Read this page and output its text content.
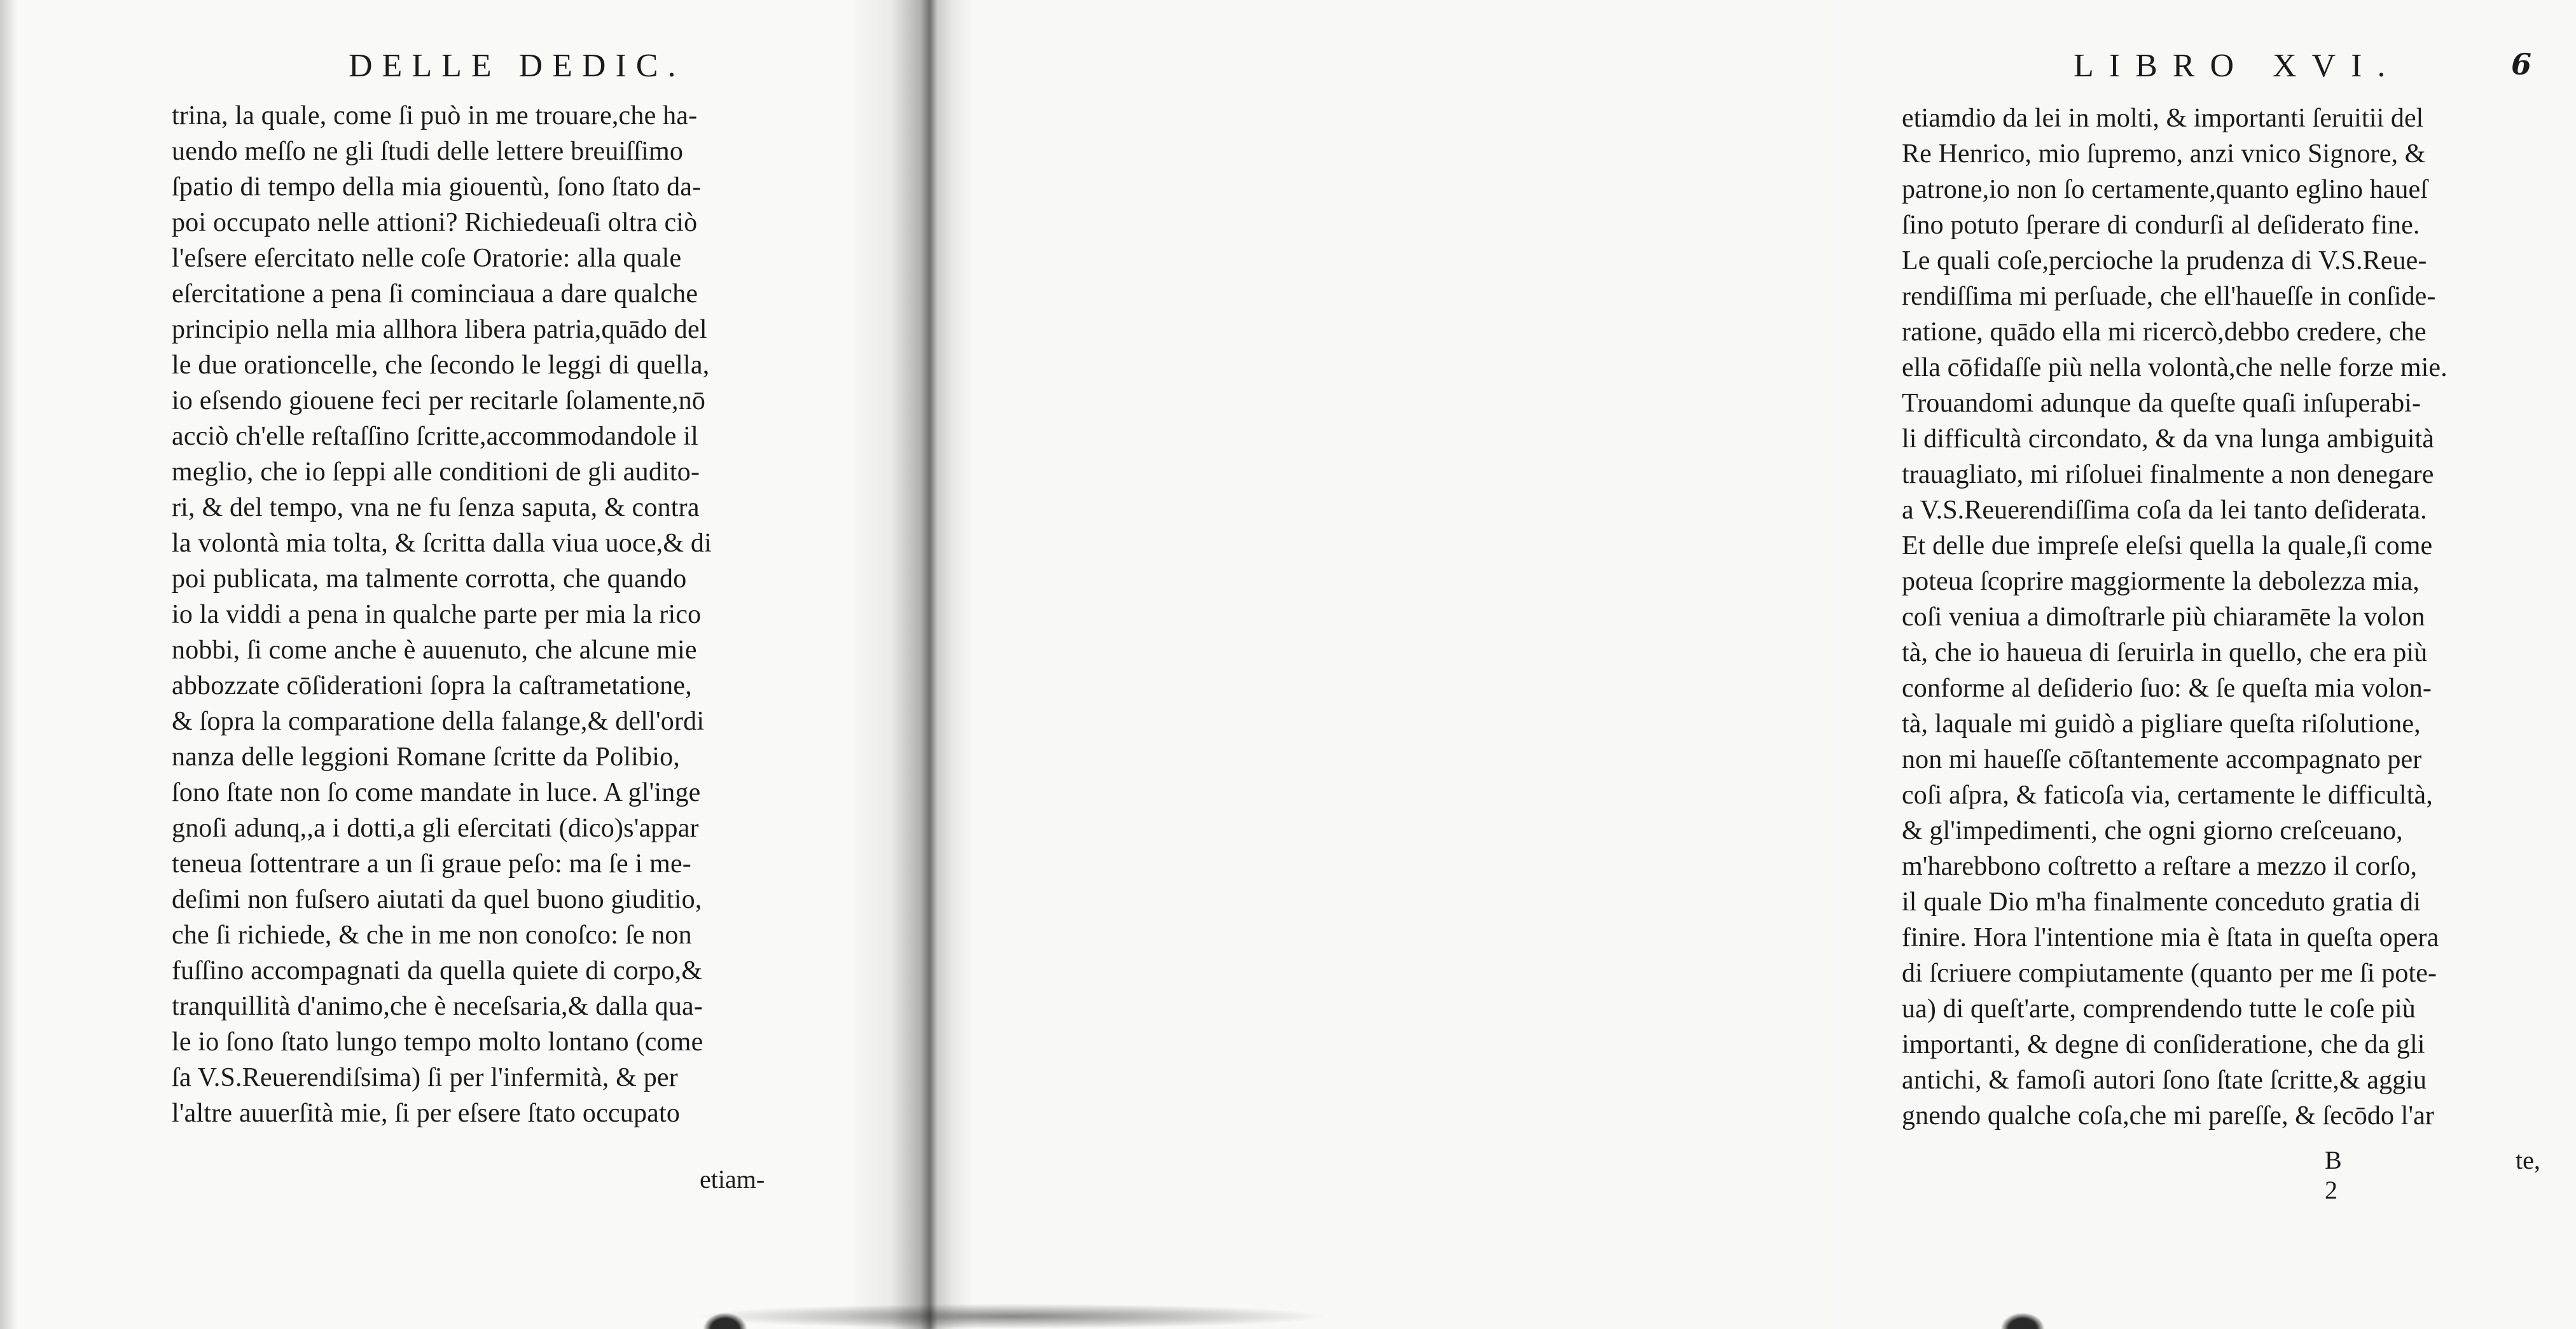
DELLE DEDIC.
trina, la quale, come ſi può in me trouare,che ha-
uendo meſſo ne gli ſtudi delle lettere breuiſſimo
ſpatio di tempo della mia giouentù, ſono ſtato da-
poi occupato nelle attioni? Richiedeuaſi oltra ciò
l'eſsere eſercitato nelle coſe Oratorie: alla quale
eſercitatione a pena ſi cominciaua a dare qualche
principio nella mia allhora libera patria,quādo del
le due orationcelle, che ſecondo le leggi di quella,
io eſsendo giouene feci per recitarle ſolamente,nō
acciò ch'elle reſtaſſino ſcritte,accommodandole il
meglio, che io ſeppi alle conditioni de gli audito-
ri, & del tempo, vna ne fu ſenza saputa, & contra
la volontà mia tolta, & ſcritta dalla viua uoce,& di
poi publicata, ma talmente corrotta, che quando
io la viddi a pena in qualche parte per mia la rico
nobbi, ſi come anche è auuenuto, che alcune mie
abbozzate cōſiderationi ſopra la caſtrametatione,
& ſopra la comparatione della falange,& dell'ordi
nanza delle leggioni Romane ſcritte da Polibio,
ſono ſtate non ſo come mandate in luce. A gl'inge
gnoſi adunq,,a i dotti,a gli eſercitati (dico)s'appar
teneua ſottentrare a un ſi graue peſo: ma ſe i me-
deſimi non fuſsero aiutati da quel buono giuditio,
che ſi richiede, & che in me non conoſco: ſe non
fuſſino accompagnati da quella quiete di corpo,&
tranquillità d'animo,che è neceſsaria,& dalla qua-
le io ſono ſtato lungo tempo molto lontano (come
ſa V.S.Reuerendiſsima) ſi per l'infermità, & per
l'altre auuerſità mie, ſi per eſsere ſtato occupato
etiam-
LIBRO XVI.	6
etiamdio da lei in molti, & importanti ſeruitii del
Re Henrico, mio ſupremo, anzi vnico Signore, &
patrone,io non ſo certamente,quanto eglino haueſ
ſino potuto ſperare di condurſi al deſiderato fine.
Le quali coſe,percioche la prudenza di V.S.Reue-
rendiſſima mi perſuade, che ell'haueſſe in conſide-
ratione, quādo ella mi ricercò,debbo credere, che
ella cōfidaſſe più nella volontà,che nelle forze mie.
Trouandomi adunque da queſte quaſi inſuperabi-
li difficultà circondato, & da vna lunga ambiguità
trauagliato, mi riſoluei finalmente a non denegare
a V.S.Reuerendiſſima coſa da lei tanto deſiderata.
Et delle due impreſe eleſsi quella la quale,ſi come
poteua ſcoprire maggiormente la debolezza mia,
coſi veniua a dimoſtrarle più chiaramēte la volon
tà, che io haueua di ſeruirla in quello, che era più
conforme al deſiderio ſuo: & ſe queſta mia volon-
tà, laquale mi guidò a pigliare queſta riſolutione,
non mi haueſſe cōſtantemente accompagnato per
coſi aſpra, & faticoſa via, certamente le difficultà,
& gl'impedimenti, che ogni giorno creſceuano,
m'harebbono coſtretto a reſtare a mezzo il corſo,
il quale Dio m'ha finalmente conceduto gratia di
finire. Hora l'intentione mia è ſtata in queſta opera
di ſcriuere compiutamente (quanto per me ſi pote-
ua) di queſt'arte, comprendendo tutte le coſe più
importanti, & degne di conſideratione, che da gli
antichi, & famoſi autori ſono ſtate ſcritte,& aggiu
gnendo qualche coſa,che mi pareſſe, & ſecōdo l'ar
B 2
te,
